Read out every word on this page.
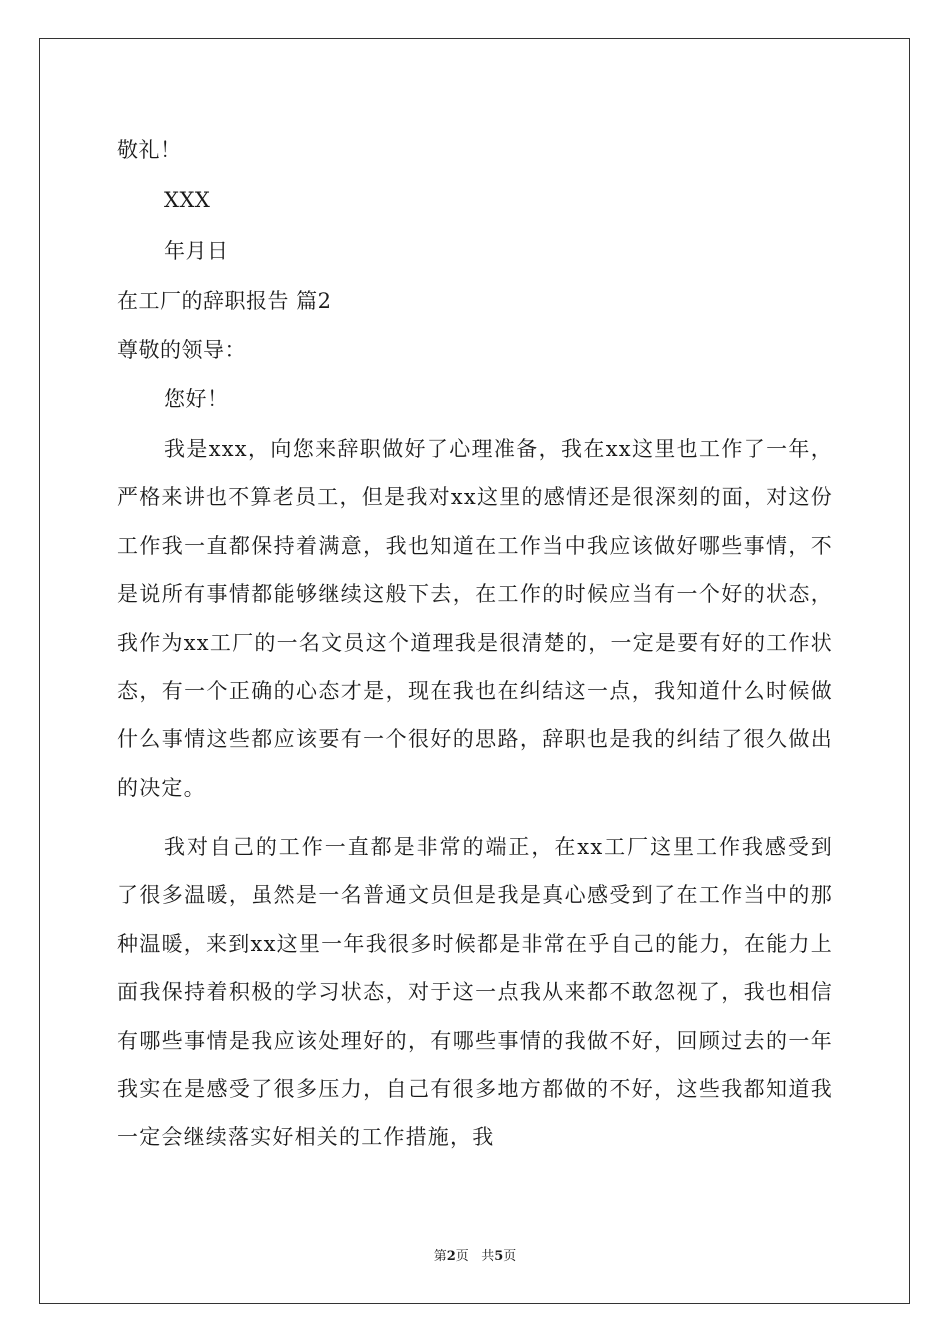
敬礼！
XXX
年月日
在工厂的辞职报告 篇2
尊敬的领导：
您好！
我是xxx，向您来辞职做好了心理准备，我在xx这里也工作了一年，严格来讲也不算老员工，但是我对xx这里的感情还是很深刻的面，对这份工作我一直都保持着满意，我也知道在工作当中我应该做好哪些事情，不是说所有事情都能够继续这般下去，在工作的时候应当有一个好的状态，我作为xx工厂的一名文员这个道理我是很清楚的，一定是要有好的工作状态，有一个正确的心态才是，现在我也在纠结这一点，我知道什么时候做什么事情这些都应该要有一个很好的思路，辞职也是我的纠结了很久做出的决定。
我对自己的工作一直都是非常的端正，在xx工厂这里工作我感受到了很多温暖，虽然是一名普通文员但是我是真心感受到了在工作当中的那种温暖，来到xx这里一年我很多时候都是非常在乎自己的能力，在能力上面我保持着积极的学习状态，对于这一点我从来都不敢忽视了，我也相信有哪些事情是我应该处理好的，有哪些事情的我做不好，回顾过去的一年我实在是感受了很多压力，自己有很多地方都做的不好，这些我都知道我一定会继续落实好相关的工作措施，我
第2页 共5页
